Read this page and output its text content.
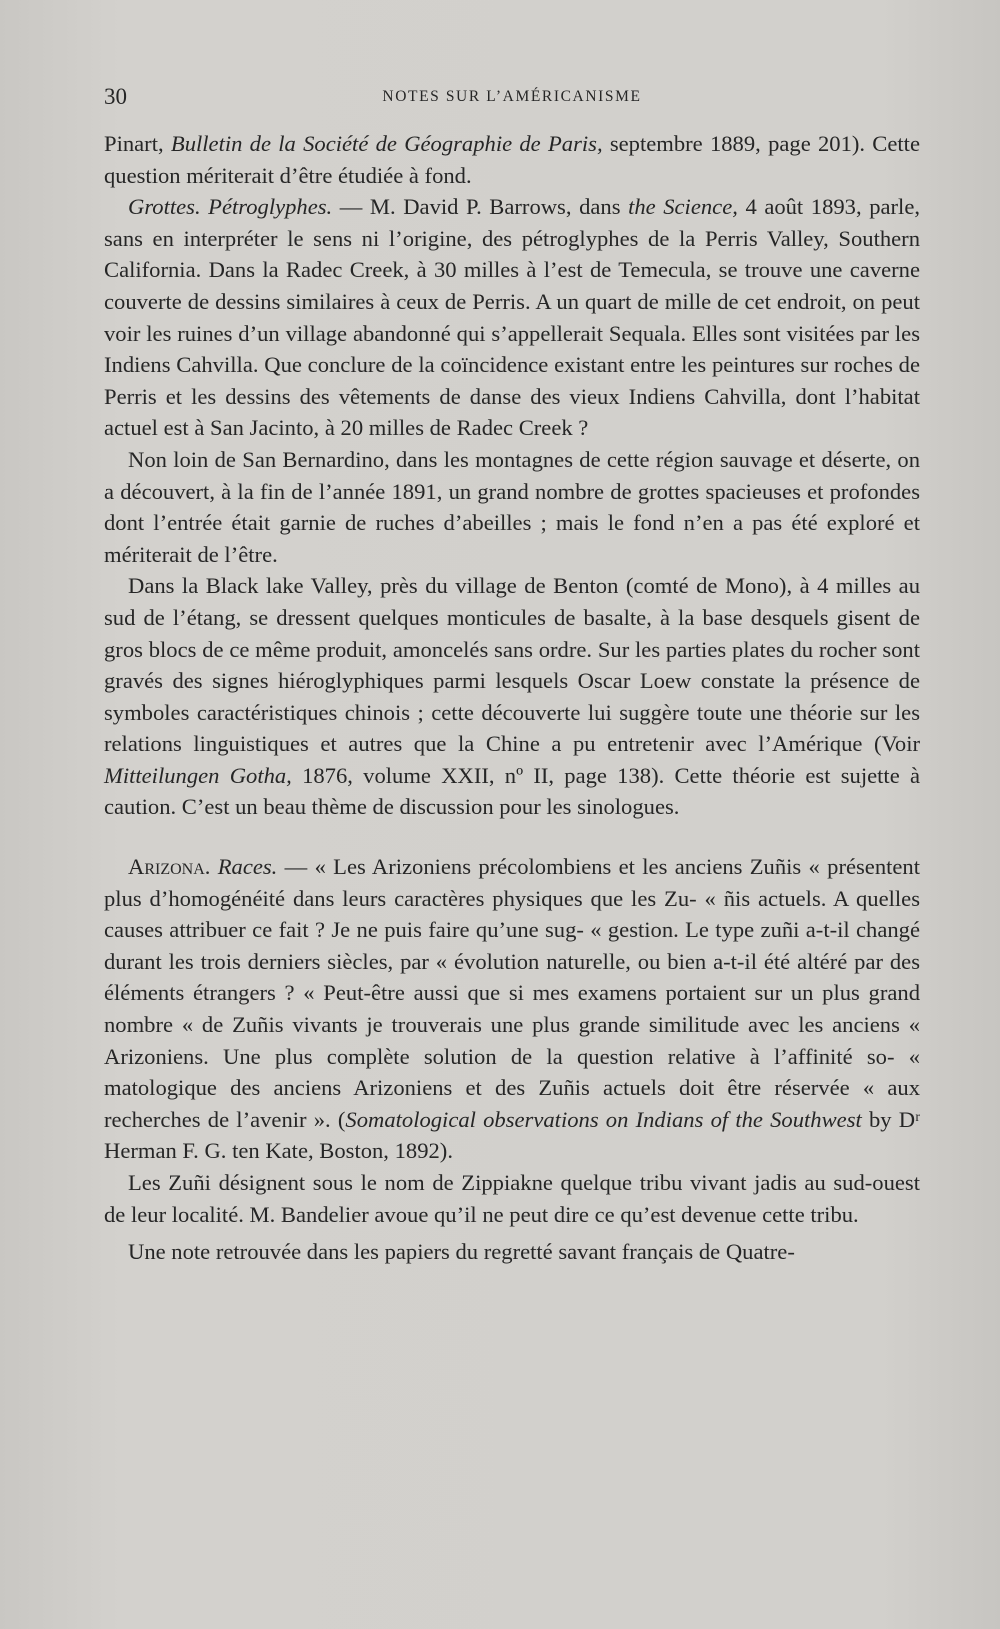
30	NOTES SUR L’AMÉRICANISME

Pinart, Bulletin de la Société de Géographie de Paris, septembre 1889, page 201). Cette question mériterait d’être étudiée à fond.

Grottes. Pétroglyphes. — M. David P. Barrows, dans the Science, 4 août 1893, parle, sans en interpréter le sens ni l’origine, des pétroglyphes de la Perris Valley, Southern California. Dans la Radec Creek, à 30 milles à l’est de Temecula, se trouve une caverne couverte de dessins similaires à ceux de Perris. A un quart de mille de cet endroit, on peut voir les ruines d’un village abandonné qui s’appellerait Sequala. Elles sont visitées par les Indiens Cahvilla. Que conclure de la coïncidence existant entre les peintures sur roches de Perris et les dessins des vêtements de danse des vieux Indiens Cahvilla, dont l’habitat actuel est à San Jacinto, à 20 milles de Radec Creek ?

Non loin de San Bernardino, dans les montagnes de cette région sauvage et déserte, on a découvert, à la fin de l’année 1891, un grand nombre de grottes spacieuses et profondes dont l’entrée était garnie de ruches d’abeilles ; mais le fond n’en a pas été exploré et mériterait de l’être.

Dans la Black lake Valley, près du village de Benton (comté de Mono), à 4 milles au sud de l’étang, se dressent quelques monticules de basalte, à la base desquels gisent de gros blocs de ce même produit, amoncelés sans ordre. Sur les parties plates du rocher sont gravés des signes hiéroglyphiques parmi lesquels Oscar Loew constate la présence de symboles caractéristiques chinois ; cette découverte lui suggère toute une théorie sur les relations linguistiques et autres que la Chine a pu entretenir avec l’Amérique (Voir Mitteilungen Gotha, 1876, volume XXII, nº II, page 138). Cette théorie est sujette à caution. C’est un beau thème de discussion pour les sinologues.

Arizona. Races. — « Les Arizoniens précolombiens et les anciens Zuñis « présentent plus d’homogénéité dans leurs caractères physiques que les Zu- « ñis actuels. A quelles causes attribuer ce fait ? Je ne puis faire qu’une sug- « gestion. Le type zuñi a-t-il changé durant les trois derniers siècles, par « évolution naturelle, ou bien a-t-il été altéré par des éléments étrangers ? « Peut-être aussi que si mes examens portaient sur un plus grand nombre « de Zuñis vivants je trouverais une plus grande similitude avec les anciens « Arizoniens. Une plus complète solution de la question relative à l’affinité so- « matologique des anciens Arizoniens et des Zuñis actuels doit être réservée « aux recherches de l’avenir ». (Somatological observations on Indians of the Southwest by Dʳ Herman F. G. ten Kate, Boston, 1892).

Les Zuñi désignent sous le nom de Zippiakne quelque tribu vivant jadis au sud-ouest de leur localité. M. Bandelier avoue qu’il ne peut dire ce qu’est devenue cette tribu.

Une note retrouvée dans les papiers du regretté savant français de Quatre-
